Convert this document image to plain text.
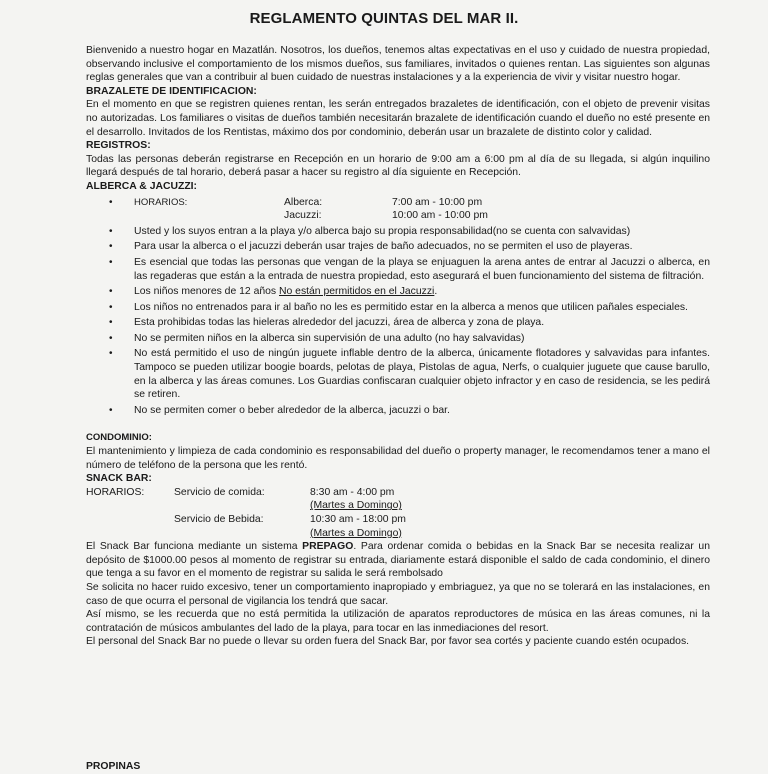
REGLAMENTO QUINTAS DEL MAR II.

Bienvenido a nuestro hogar en Mazatlán. Nosotros, los dueños, tenemos altas expectativas en el uso y cuidado de nuestra propiedad, observando inclusive el comportamiento de los mismos dueños, sus familiares, invitados o quienes rentan. Las siguientes son algunas reglas generales que van a contribuir al buen cuidado de nuestras instalaciones y a la experiencia de vivir y visitar nuestro hogar.

BRAZALETE DE IDENTIFICACION:

En el momento en que se registren quienes rentan, les serán entregados brazaletes de identificación, con el objeto de prevenir visitas no autorizadas. Los familiares o visitas de dueños también necesitarán brazalete de identificación cuando el dueño no esté presente en el desarrollo. Invitados de los Rentistas, máximo dos por condominio, deberán usar un brazalete de distinto color y calidad.

REGISTROS:

Todas las personas deberán registrarse en Recepción en un horario de 9:00 am a 6:00 pm al día de su llegada, si algún inquilino llegará después de tal horario, deberá pasar a hacer su registro al día siguiente en Recepción.

ALBERCA & JACUZZI:

• HORARIOS:	Alberca:	7:00 am - 10:00 pm
Jacuzzi:	10:00 am - 10:00 pm
• Usted y los suyos entran a la playa y/o alberca bajo su propia responsabilidad(no se cuenta con salvavidas)
• Para usar la alberca o el jacuzzi deberán usar trajes de baño adecuados, no se permiten el uso de playeras.
• Es esencial que todas las personas que vengan de la playa se enjuaguen la arena antes de entrar al Jacuzzi o alberca, en las regaderas que están a la entrada de nuestra propiedad, esto asegurará el buen funcionamiento del sistema de filtración.
• Los niños menores de 12 años No están permitidos en el Jacuzzi.
• Los niños no entrenados para ir al baño no les es permitido estar en la alberca a menos que utilicen pañales especiales.
• Esta prohibidas todas las hieleras alrededor del jacuzzi, área de alberca y zona de playa.
• No se permiten niños en la alberca sin supervisión de una adulto (no hay salvavidas)
• No está permitido el uso de ningún juguete inflable dentro de la alberca, únicamente flotadores y salvavidas para infantes. Tampoco se pueden utilizar boogie boards, pelotas de playa, Pistolas de agua, Nerfs, o cualquier juguete que cause barullo, en la alberca y las áreas comunes. Los Guardias confiscaran cualquier objeto infractor y en caso de residencia, se les pedirá se retiren.
• No se permiten comer o beber alrededor de la alberca, jacuzzi o bar.

CONDOMINIO:

El mantenimiento y limpieza de cada condominio es responsabilidad del dueño o property manager, le recomendamos tener a mano el número de teléfono de la persona que les rentó.

SNACK BAR:

HORARIOS:	Servicio de comida:	8:30 am - 4:00 pm
(Martes a Domingo)
Servicio de Bebida:	10:30 am - 18:00 pm
(Martes a Domingo)

El Snack Bar funciona mediante un sistema PREPAGO. Para ordenar comida o bebidas en la Snack Bar se necesita realizar un depósito de $1000.00 pesos al momento de registrar su entrada, diariamente estará disponible el saldo de cada condominio, el dinero que tenga a su favor en el momento de registrar su salida le será rembolsado

Se solicita no hacer ruido excesivo, tener un comportamiento inapropiado y embriaguez, ya que no se tolerará en las instalaciones, en caso de que ocurra el personal de vigilancia los tendrá que sacar.

Así mismo, se les recuerda que no está permitida la utilización de aparatos reproductores de música en las áreas comunes, ni la contratación de músicos ambulantes del lado de la playa, para tocar en las inmediaciones del resort.

El personal del Snack Bar no puede o llevar su orden fuera del Snack Bar, por favor sea cortés y paciente cuando estén ocupados.

PROPINAS
